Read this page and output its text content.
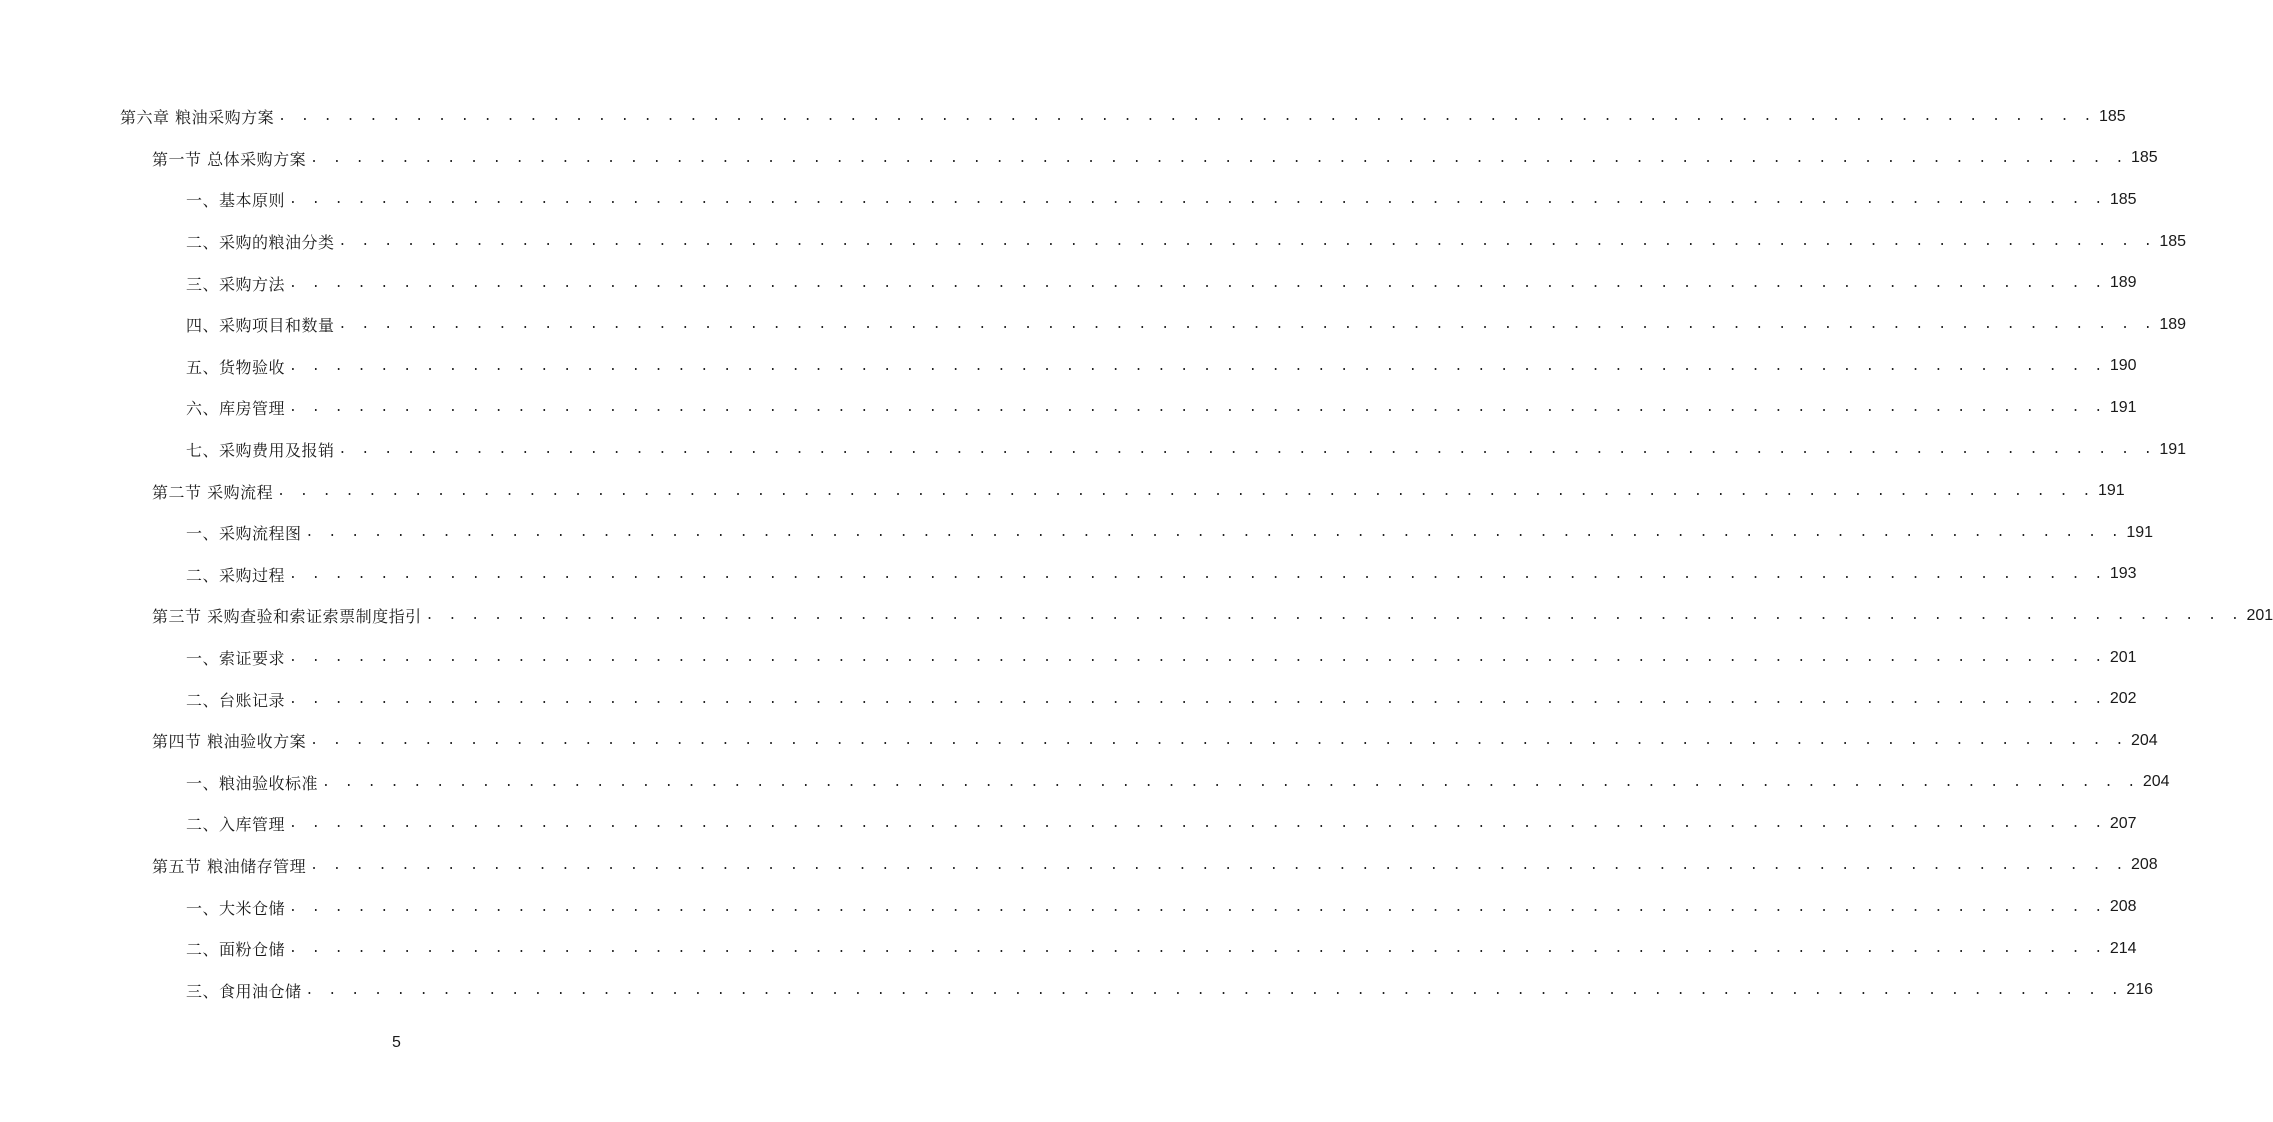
第六章 粮油采购方案 . . . . . . . . . . . . . . . . . . . . . . . . . . . . . . . . . . . . . . . . . . . . . . . . . . . . . . . . . . . . . . . . . . . . . . . . . . . . . . . . 185
第一节 总体采购方案 . . . . . . . . . . . . . . . . . . . . . . . . . . . . . . . . . . . . . . . . . . . . . . . . . . . . . . . . . . . . . . . . . . . . . . . . . . . . . . . . 185
一、基本原则 . . . . . . . . . . . . . . . . . . . . . . . . . . . . . . . . . . . . . . . . . . . . . . . . . . . . . . . . . . . . . . . . . . . . . . . . . . . . . . . . 185
二、采购的粮油分类 . . . . . . . . . . . . . . . . . . . . . . . . . . . . . . . . . . . . . . . . . . . . . . . . . . . . . . . . . . . . . . . . . . . . . . . . . . . . . . . . 185
三、采购方法 . . . . . . . . . . . . . . . . . . . . . . . . . . . . . . . . . . . . . . . . . . . . . . . . . . . . . . . . . . . . . . . . . . . . . . . . . . . . . . . . 189
四、采购项目和数量 . . . . . . . . . . . . . . . . . . . . . . . . . . . . . . . . . . . . . . . . . . . . . . . . . . . . . . . . . . . . . . . . . . . . . . . . . . . . . . . . 189
五、货物验收 . . . . . . . . . . . . . . . . . . . . . . . . . . . . . . . . . . . . . . . . . . . . . . . . . . . . . . . . . . . . . . . . . . . . . . . . . . . . . . . . 190
六、库房管理 . . . . . . . . . . . . . . . . . . . . . . . . . . . . . . . . . . . . . . . . . . . . . . . . . . . . . . . . . . . . . . . . . . . . . . . . . . . . . . . . 191
七、采购费用及报销 . . . . . . . . . . . . . . . . . . . . . . . . . . . . . . . . . . . . . . . . . . . . . . . . . . . . . . . . . . . . . . . . . . . . . . . . . . . . . . . . 191
第二节 采购流程 . . . . . . . . . . . . . . . . . . . . . . . . . . . . . . . . . . . . . . . . . . . . . . . . . . . . . . . . . . . . . . . . . . . . . . . . . . . . . . . . 191
一、采购流程图 . . . . . . . . . . . . . . . . . . . . . . . . . . . . . . . . . . . . . . . . . . . . . . . . . . . . . . . . . . . . . . . . . . . . . . . . . . . . . . . . 191
二、采购过程 . . . . . . . . . . . . . . . . . . . . . . . . . . . . . . . . . . . . . . . . . . . . . . . . . . . . . . . . . . . . . . . . . . . . . . . . . . . . . . . . 193
第三节 采购查验和索证索票制度指引 . . . . . . . . . . . . . . . . . . . . . . . . . . . . . . . . . . . . . . . . . . . . . . . . . . . . . . . . . . . . . . . . . . . . . . . . . . . . . . . . 201
一、索证要求 . . . . . . . . . . . . . . . . . . . . . . . . . . . . . . . . . . . . . . . . . . . . . . . . . . . . . . . . . . . . . . . . . . . . . . . . . . . . . . . . 201
二、台账记录 . . . . . . . . . . . . . . . . . . . . . . . . . . . . . . . . . . . . . . . . . . . . . . . . . . . . . . . . . . . . . . . . . . . . . . . . . . . . . . . . 202
第四节 粮油验收方案 . . . . . . . . . . . . . . . . . . . . . . . . . . . . . . . . . . . . . . . . . . . . . . . . . . . . . . . . . . . . . . . . . . . . . . . . . . . . . . . . 204
一、粮油验收标准 . . . . . . . . . . . . . . . . . . . . . . . . . . . . . . . . . . . . . . . . . . . . . . . . . . . . . . . . . . . . . . . . . . . . . . . . . . . . . . . . 204
二、入库管理 . . . . . . . . . . . . . . . . . . . . . . . . . . . . . . . . . . . . . . . . . . . . . . . . . . . . . . . . . . . . . . . . . . . . . . . . . . . . . . . . 207
第五节 粮油储存管理 . . . . . . . . . . . . . . . . . . . . . . . . . . . . . . . . . . . . . . . . . . . . . . . . . . . . . . . . . . . . . . . . . . . . . . . . . . . . . . . . 208
一、大米仓储 . . . . . . . . . . . . . . . . . . . . . . . . . . . . . . . . . . . . . . . . . . . . . . . . . . . . . . . . . . . . . . . . . . . . . . . . . . . . . . . . 208
二、面粉仓储 . . . . . . . . . . . . . . . . . . . . . . . . . . . . . . . . . . . . . . . . . . . . . . . . . . . . . . . . . . . . . . . . . . . . . . . . . . . . . . . . 214
三、食用油仓储 . . . . . . . . . . . . . . . . . . . . . . . . . . . . . . . . . . . . . . . . . . . . . . . . . . . . . . . . . . . . . . . . . . . . . . . . . . . . . . . . 216
5
